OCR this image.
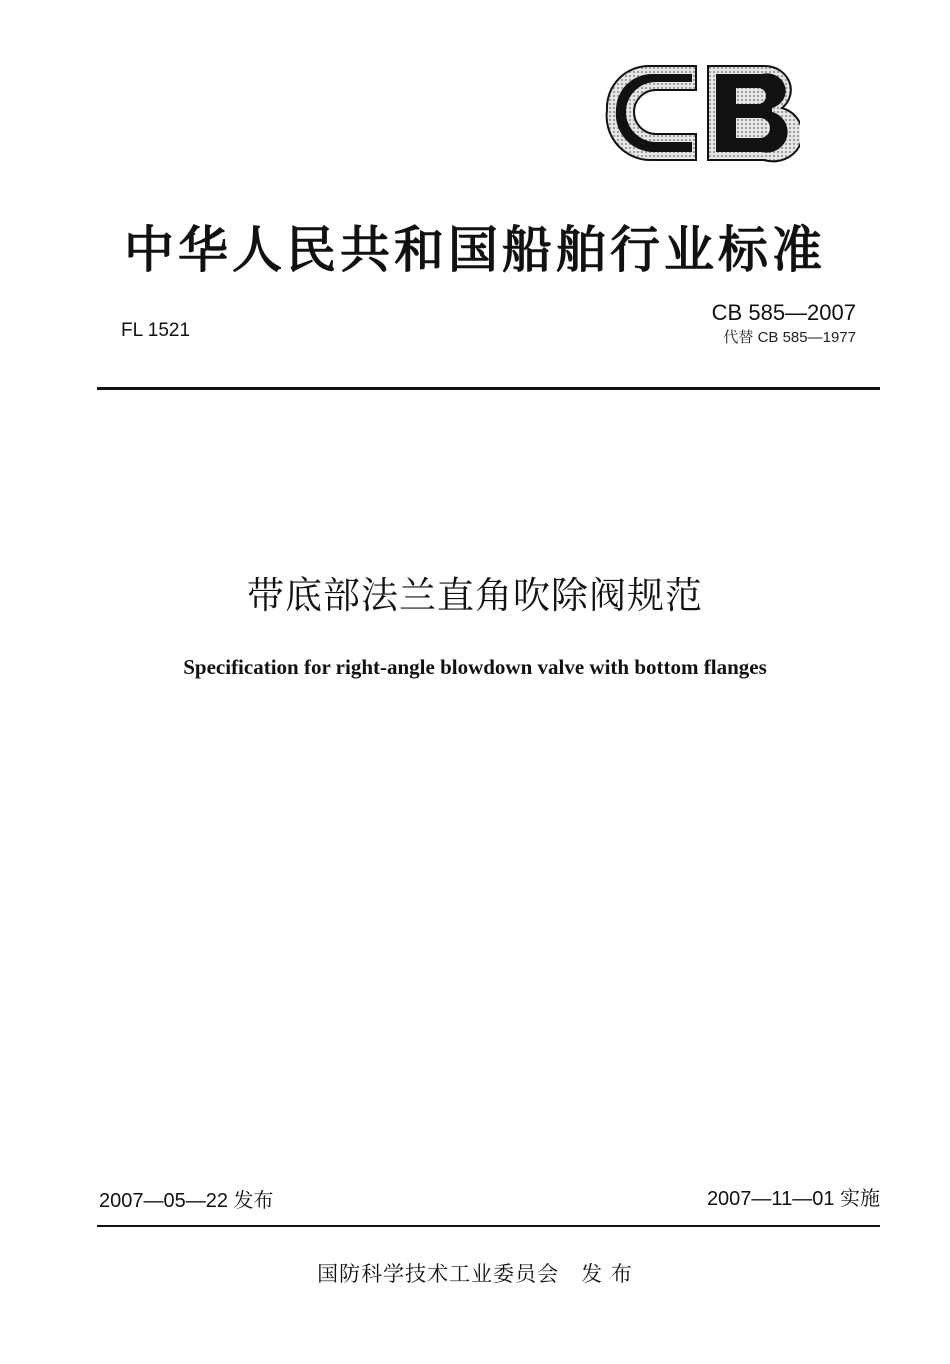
中华人民共和国船舶行业标准
CB 585—2007
代替 CB 585—1977
FL 1521
带底部法兰直角吹除阀规范
Specification for right-angle blowdown valve with bottom flanges
2007—05—22 发布	2007—11—01 实施
国防科学技术工业委员会　发 布
